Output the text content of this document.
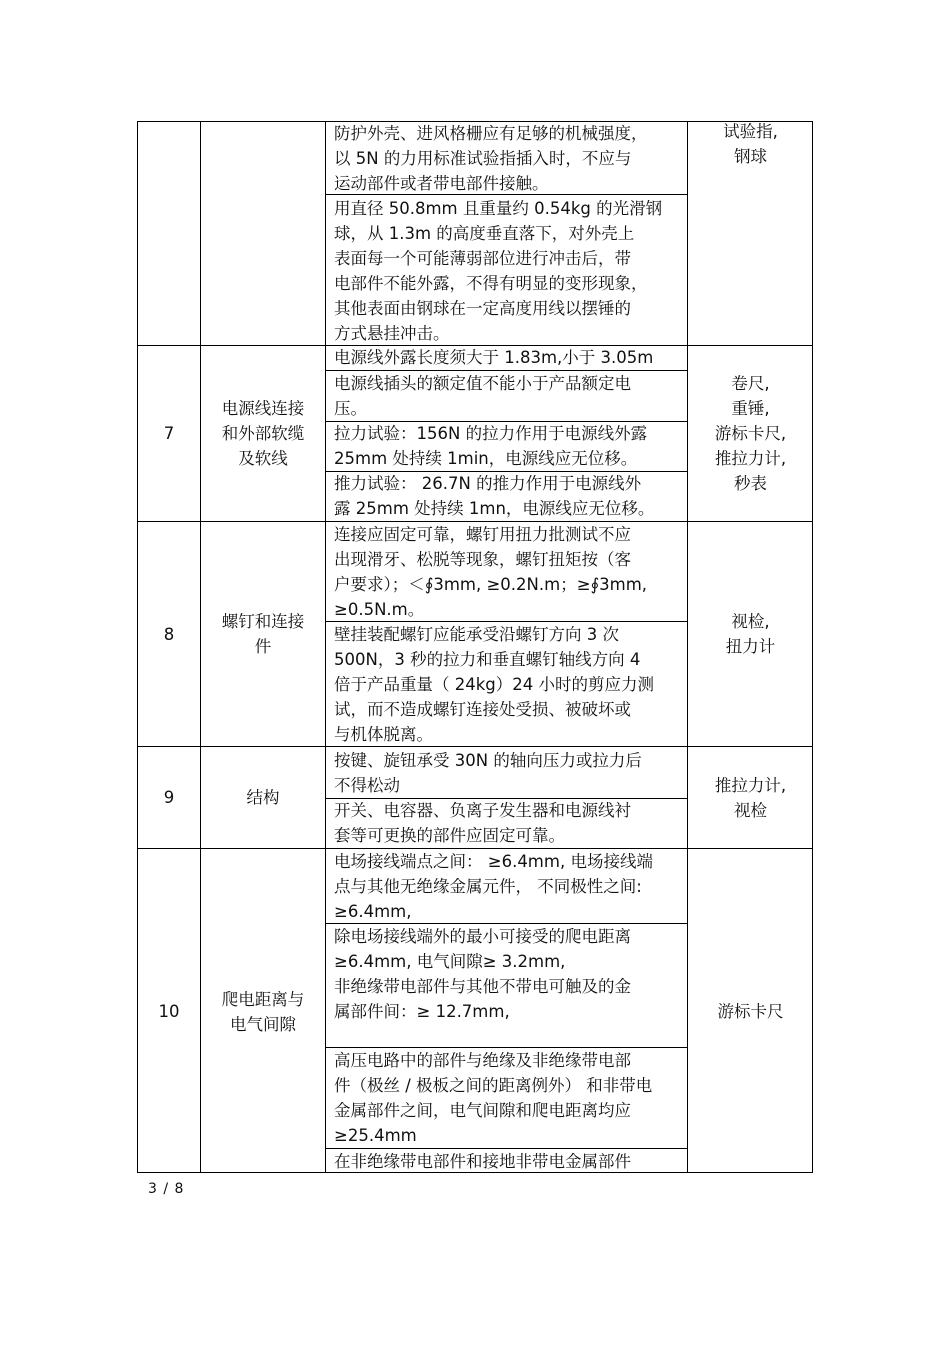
防护外壳、进风格栅应有足够的机械强度，
以 5N 的力用标准试验指插入时，不应与
运动部件或者带电部件接触。
用直径 50.8mm 且重量约 0.54kg 的光滑钢
球，从 1.3m 的高度垂直落下，对外壳上
表面每一个可能薄弱部位进行冲击后，带
电部件不能外露，不得有明显的变形现象，
其他表面由钢球在一定高度用线以摆锤的
方式悬挂冲击。
试验指,
钢球
7
电源线连接
和外部软缆
及软线
电源线外露长度须大于 1.83m,小于 3.05m
电源线插头的额定值不能小于产品额定电
压。
拉力试验：156N 的拉力作用于电源线外露
25mm 处持续 1min，电源线应无位移。
推力试验： 26.7N 的推力作用于电源线外
露 25mm 处持续 1mn，电源线应无位移。
卷尺,
重锤,
游标卡尺,
推拉力计,
秒表
8
螺钉和连接
件
连接应固定可靠，螺钉用扭力批测试不应
出现滑牙、松脱等现象，螺钉扭矩按（客
户要求）；＜∮3mm, ≥0.2N.m；≥∮3mm,
≥0.5N.m。
壁挂装配螺钉应能承受沿螺钉方向 3 次
500N，3 秒的拉力和垂直螺钉轴线方向 4
倍于产品重量（ 24kg）24 小时的剪应力测
试，而不造成螺钉连接处受损、被破坏或
与机体脱离。
视检,
扭力计
9	结构
按键、旋钮承受 30N 的轴向压力或拉力后
不得松动
开关、电容器、负离子发生器和电源线衬
套等可更换的部件应固定可靠。
推拉力计,
视检
10
爬电距离与
电气间隙
电场接线端点之间： ≥6.4mm, 电场接线端
点与其他无绝缘金属元件， 不同极性之间:
≥6.4mm,
除电场接线端外的最小可接受的爬电距离
≥6.4mm, 电气间隙≥ 3.2mm,
非绝缘带电部件与其他不带电可触及的金
属部件间：≥ 12.7mm,
高压电路中的部件与绝缘及非绝缘带电部
件（极丝 / 极板之间的距离例外） 和非带电
金属部件之间，电气间隙和爬电距离均应
≥25.4mm
在非绝缘带电部件和接地非带电金属部件
游标卡尺
3 / 8
